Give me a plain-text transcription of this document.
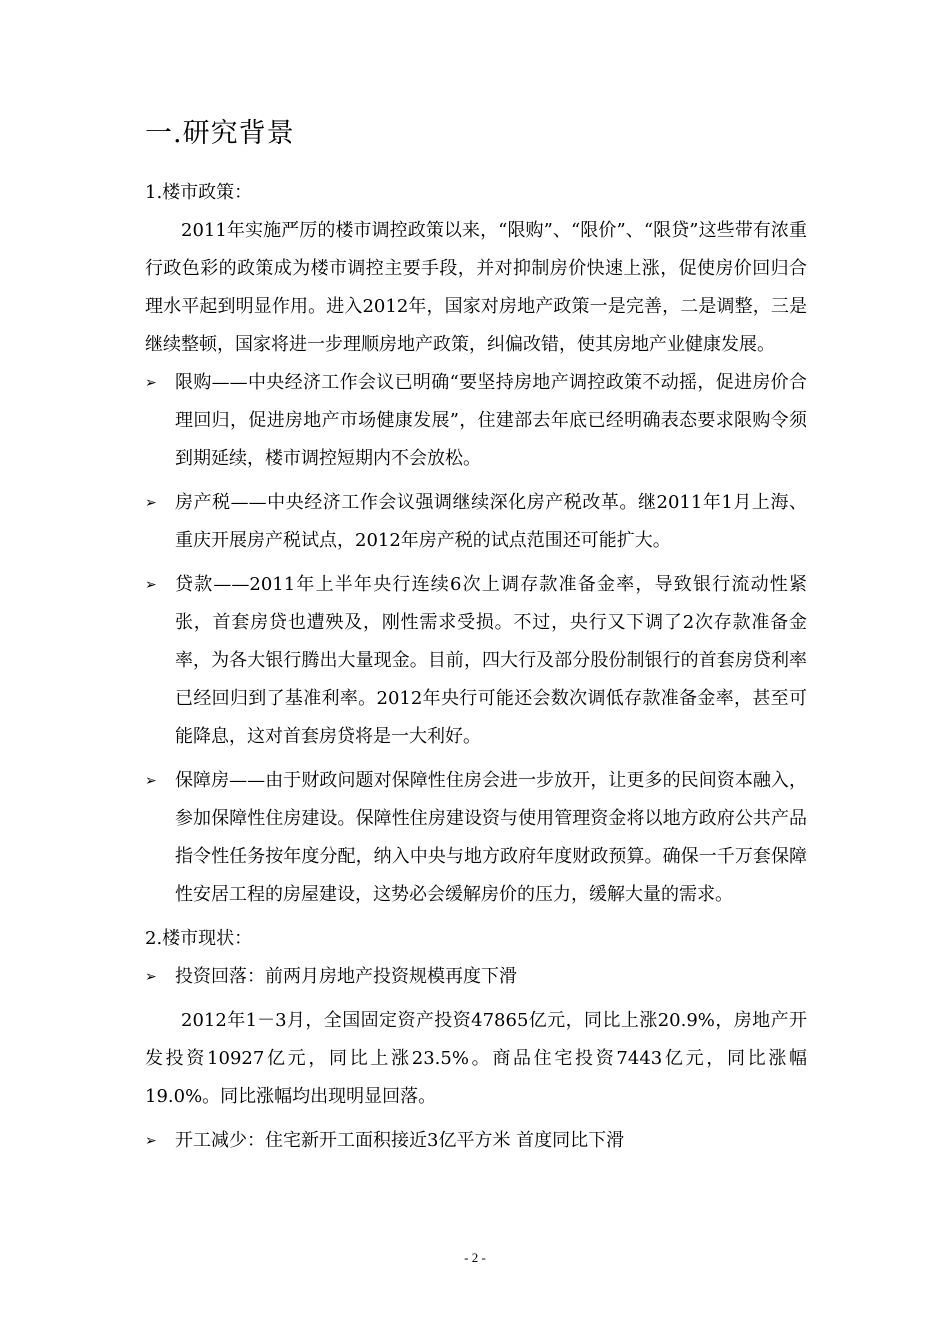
一.研究背景

1.楼市政策：

2011年实施严厉的楼市调控政策以来，“限购”、“限价”、“限贷”这些带有浓重行政色彩的政策成为楼市调控主要手段，并对抑制房价快速上涨，促使房价回归合理水平起到明显作用。进入2012年，国家对房地产政策一是完善，二是调整，三是继续整顿，国家将进一步理顺房地产政策，纠偏改错，使其房地产业健康发展。

➢ 限购——中央经济工作会议已明确“要坚持房地产调控政策不动摇，促进房价合理回归，促进房地产市场健康发展”，住建部去年底已经明确表态要求限购令须到期延续，楼市调控短期内不会放松。
➢ 房产税——中央经济工作会议强调继续深化房产税改革。继2011年1月上海、重庆开展房产税试点，2012年房产税的试点范围还可能扩大。
➢ 贷款——2011年上半年央行连续6次上调存款准备金率，导致银行流动性紧张，首套房贷也遭殃及，刚性需求受损。不过，央行又下调了2次存款准备金率，为各大银行腾出大量现金。目前，四大行及部分股份制银行的首套房贷利率已经回归到了基准利率。2012年央行可能还会数次调低存款准备金率，甚至可能降息，这对首套房贷将是一大利好。
➢ 保障房——由于财政问题对保障性住房会进一步放开，让更多的民间资本融入，参加保障性住房建设。保障性住房建设资与使用管理资金将以地方政府公共产品指令性任务按年度分配，纳入中央与地方政府年度财政预算。确保一千万套保障性安居工程的房屋建设，这势必会缓解房价的压力，缓解大量的需求。

2.楼市现状：

➢ 投资回落：前两月房地产投资规模再度下滑

2012年1－3月，全国固定资产投资47865亿元，同比上涨20.9%，房地产开发投资10927亿元，同比上涨23.5%。商品住宅投资7443亿元，同比涨幅19.0%。同比涨幅均出现明显回落。

➢ 开工减少：住宅新开工面积接近3亿平方米 首度同比下滑
- 2 -
